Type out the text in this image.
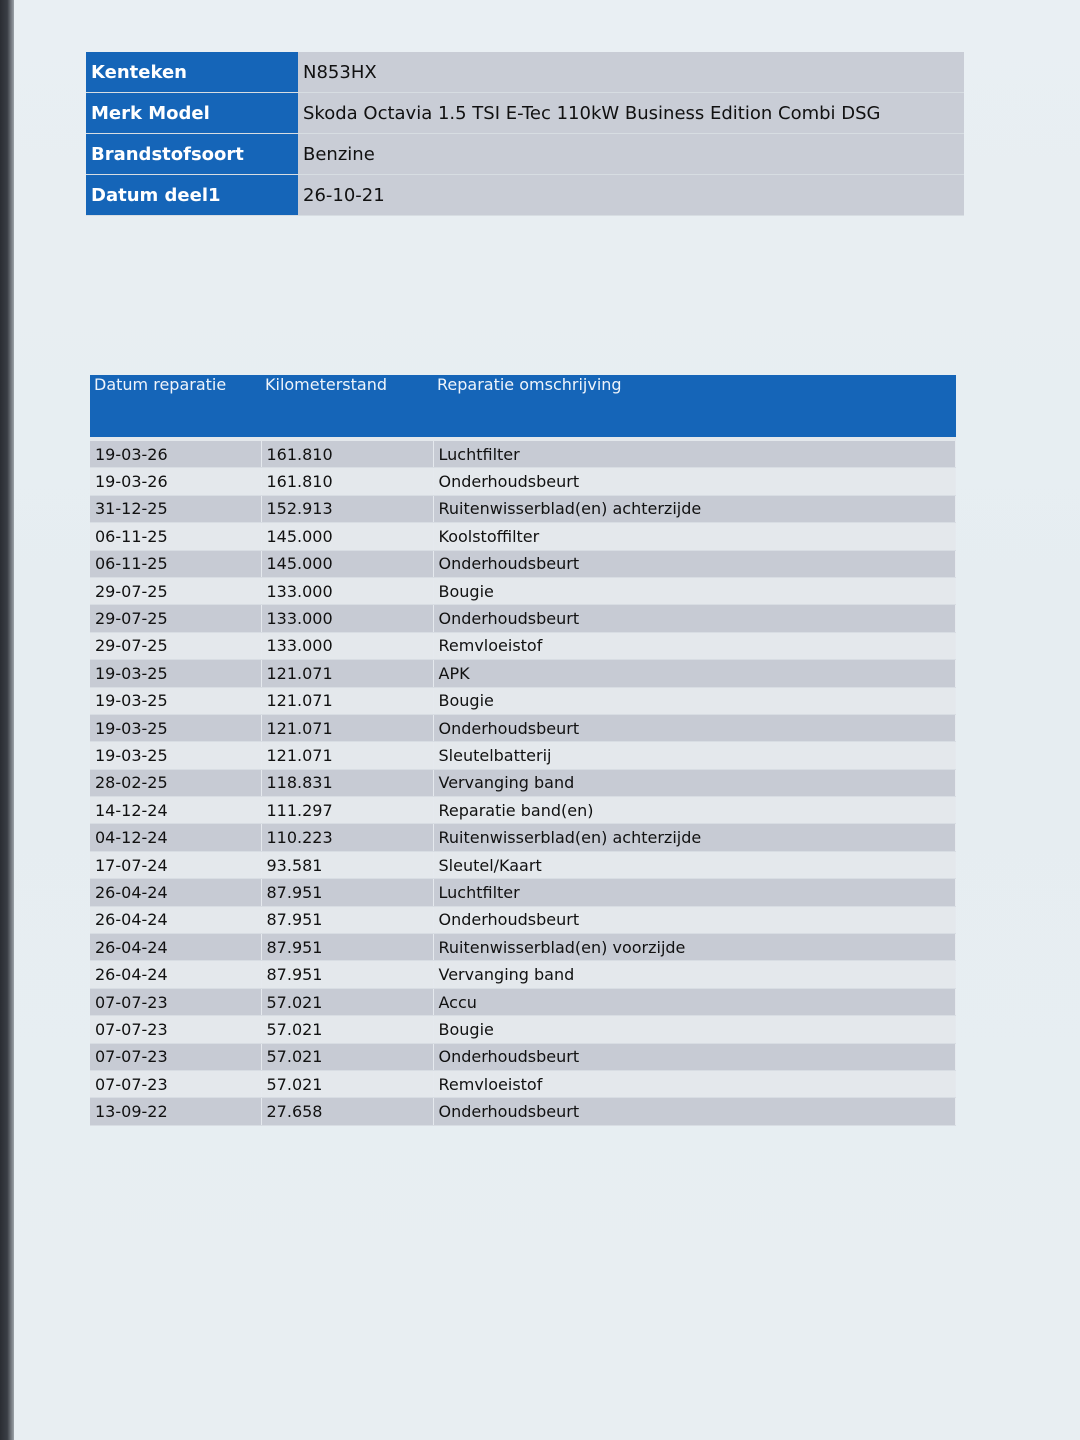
Kenteken	N853HX
Merk Model	Skoda Octavia 1.5 TSI E-Tec 110kW Business Edition Combi DSG
Brandstofsoort	Benzine
Datum deel1	26-10-21
Datum reparatie	Kilometerstand	Reparatie omschrijving

19-03-26	161.810	Luchtfilter
19-03-26	161.810	Onderhoudsbeurt
31-12-25	152.913	Ruitenwisserblad(en) achterzijde
06-11-25	145.000	Koolstoffilter
06-11-25	145.000	Onderhoudsbeurt
29-07-25	133.000	Bougie
29-07-25	133.000	Onderhoudsbeurt
29-07-25	133.000	Remvloeistof
19-03-25	121.071	APK
19-03-25	121.071	Bougie
19-03-25	121.071	Onderhoudsbeurt
19-03-25	121.071	Sleutelbatterij
28-02-25	118.831	Vervanging band
14-12-24	111.297	Reparatie band(en)
04-12-24	110.223	Ruitenwisserblad(en) achterzijde
17-07-24	93.581	Sleutel/Kaart
26-04-24	87.951	Luchtfilter
26-04-24	87.951	Onderhoudsbeurt
26-04-24	87.951	Ruitenwisserblad(en) voorzijde
26-04-24	87.951	Vervanging band
07-07-23	57.021	Accu
07-07-23	57.021	Bougie
07-07-23	57.021	Onderhoudsbeurt
07-07-23	57.021	Remvloeistof
13-09-22	27.658	Onderhoudsbeurt
